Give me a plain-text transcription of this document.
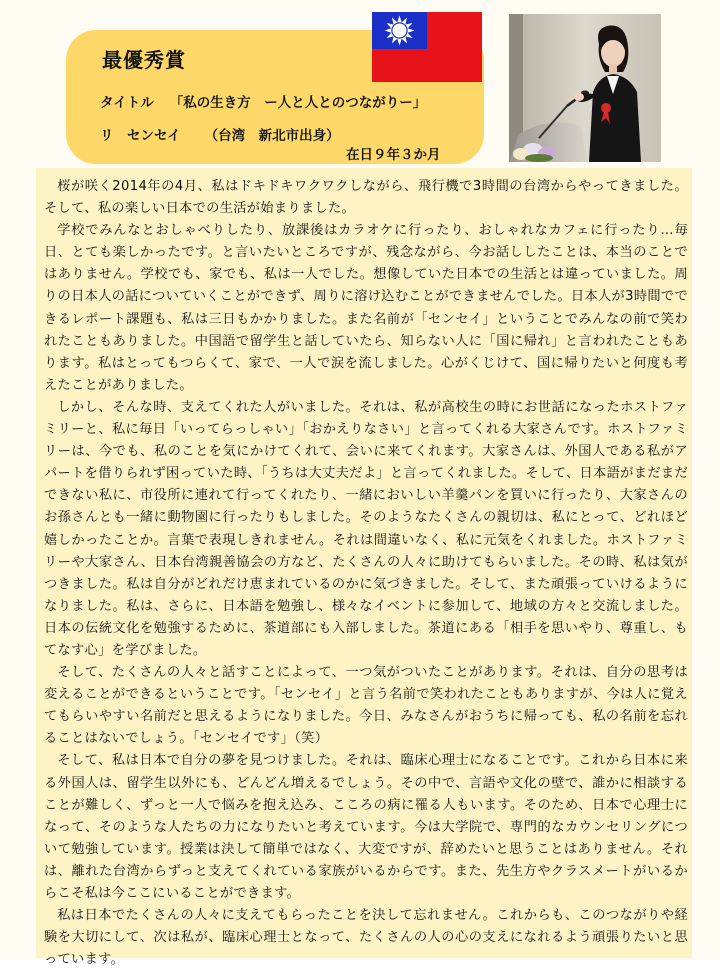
最優秀賞
タイトル 「私の生き方　ー人と人とのつながりー」
リ　センセイ （台湾　新北市出身）
在日９年３か月

桜が咲く2014年の4月、私はドキドキワクワクしながら、飛行機で3時間の台湾からやってきました。そして、私の楽しい日本での生活が始まりました。

学校でみんなとおしゃべりしたり、放課後はカラオケに行ったり、おしゃれなカフェに行ったり…毎日、とても楽しかったです。と言いたいところですが、残念ながら、今お話ししたことは、本当のことではありません。学校でも、家でも、私は一人でした。想像していた日本での生活とは違っていました。周りの日本人の話についていくことができず、周りに溶け込むことができませんでした。日本人が3時間でできるレポート課題も、私は三日もかかりました。また名前が「センセイ」ということでみんなの前で笑われたこともありました。中国語で留学生と話していたら、知らない人に「国に帰れ」と言われたこともあります。私はとってもつらくて、家で、一人で涙を流しました。心がくじけて、国に帰りたいと何度も考えたことがありました。

しかし、そんな時、支えてくれた人がいました。それは、私が高校生の時にお世話になったホストファミリーと、私に毎日「いってらっしゃい」「おかえりなさい」と言ってくれる大家さんです。ホストファミリーは、今でも、私のことを気にかけてくれて、会いに来てくれます。大家さんは、外国人である私がアパートを借りられず困っていた時、「うちは大丈夫だよ」と言ってくれました。そして、日本語がまだまだできない私に、市役所に連れて行ってくれたり、一緒においしい羊羹パンを買いに行ったり、大家さんのお孫さんとも一緒に動物園に行ったりもしました。そのようなたくさんの親切は、私にとって、どれほど嬉しかったことか。言葉で表現しきれません。それは間違いなく、私に元気をくれました。ホストファミリーや大家さん、日本台湾親善協会の方など、たくさんの人々に助けてもらいました。その時、私は気がつきました。私は自分がどれだけ恵まれているのかに気づきました。そして、また頑張っていけるようになりました。私は、さらに、日本語を勉強し、様々なイベントに参加して、地域の方々と交流しました。日本の伝統文化を勉強するために、茶道部にも入部しました。茶道にある「相手を思いやり、尊重し、もてなす心」を学びました。

そして、たくさんの人々と話すことによって、一つ気がついたことがあります。それは、自分の思考は変えることができるということです。「センセイ」と言う名前で笑われたこともありますが、今は人に覚えてもらいやすい名前だと思えるようになりました。今日、みなさんがおうちに帰っても、私の名前を忘れることはないでしょう。「センセイです」（笑）

そして、私は日本で自分の夢を見つけました。それは、臨床心理士になることです。これから日本に来る外国人は、留学生以外にも、どんどん増えるでしょう。その中で、言語や文化の壁で、誰かに相談することが難しく、ずっと一人で悩みを抱え込み、こころの病に罹る人もいます。そのため、日本で心理士になって、そのような人たちの力になりたいと考えています。今は大学院で、専門的なカウンセリングについて勉強しています。授業は決して簡単ではなく、大変ですが、辞めたいと思うことはありません。それは、離れた台湾からずっと支えてくれている家族がいるからです。また、先生方やクラスメートがいるからこそ私は今ここにいることができます。

私は日本でたくさんの人々に支えてもらったことを決して忘れません。これからも、このつながりや経験を大切にして、次は私が、臨床心理士となって、たくさんの人の心の支えになれるよう頑張りたいと思っています。
